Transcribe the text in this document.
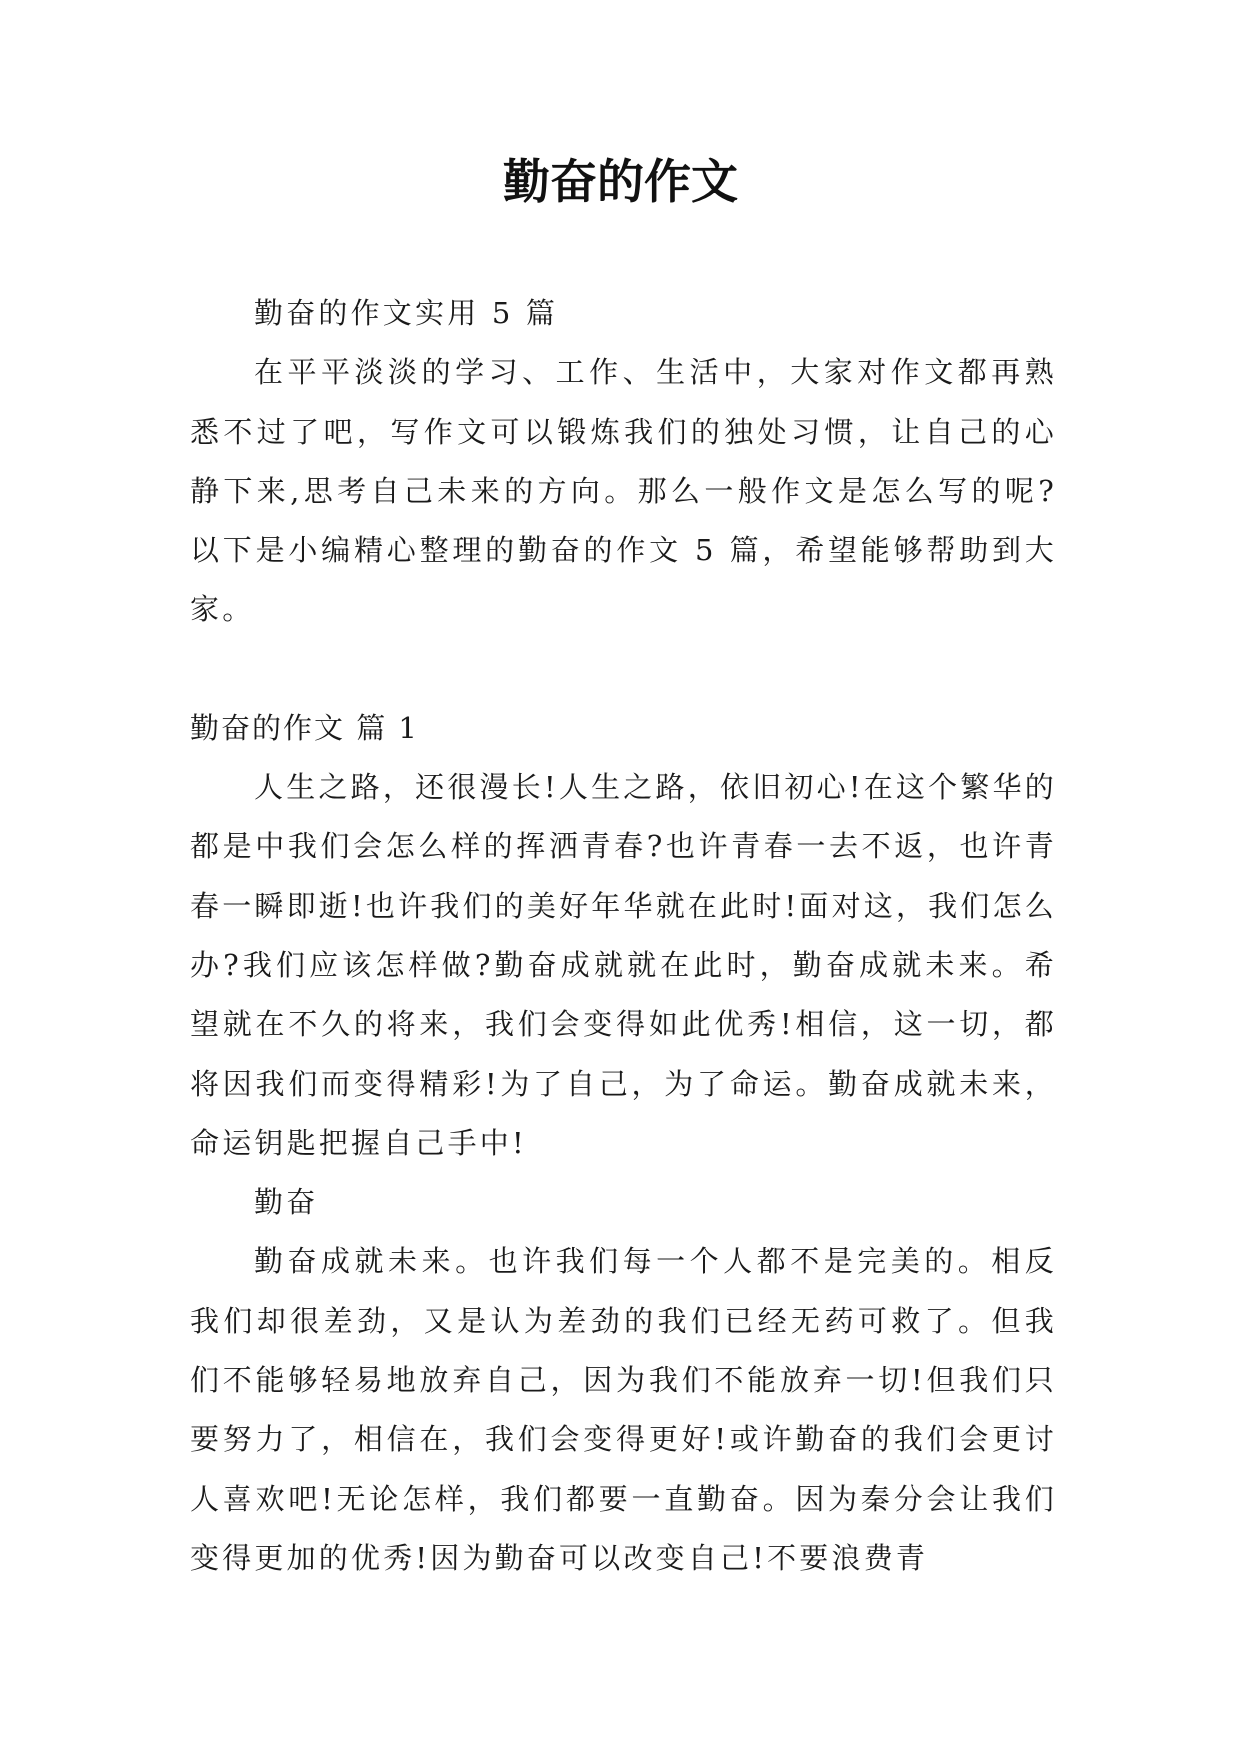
勤奋的作文

勤奋的作文实用 5 篇

在平平淡淡的学习、工作、生活中，大家对作文都再熟悉不过了吧，写作文可以锻炼我们的独处习惯，让自己的心静下来,思考自己未来的方向。那么一般作文是怎么写的呢?以下是小编精心整理的勤奋的作文 5 篇，希望能够帮助到大家。

勤奋的作文 篇 1

人生之路，还很漫长!人生之路，依旧初心!在这个繁华的都是中我们会怎么样的挥洒青春?也许青春一去不返，也许青春一瞬即逝!也许我们的美好年华就在此时!面对这，我们怎么办?我们应该怎样做?勤奋成就就在此时，勤奋成就未来。希望就在不久的将来，我们会变得如此优秀!相信，这一切，都将因我们而变得精彩!为了自己，为了命运。勤奋成就未来，命运钥匙把握自己手中!

勤奋

勤奋成就未来。也许我们每一个人都不是完美的。相反我们却很差劲，又是认为差劲的我们已经无药可救了。但我们不能够轻易地放弃自己，因为我们不能放弃一切!但我们只要努力了，相信在，我们会变得更好!或许勤奋的我们会更讨人喜欢吧!无论怎样，我们都要一直勤奋。因为秦分会让我们变得更加的优秀!因为勤奋可以改变自己!不要浪费青
